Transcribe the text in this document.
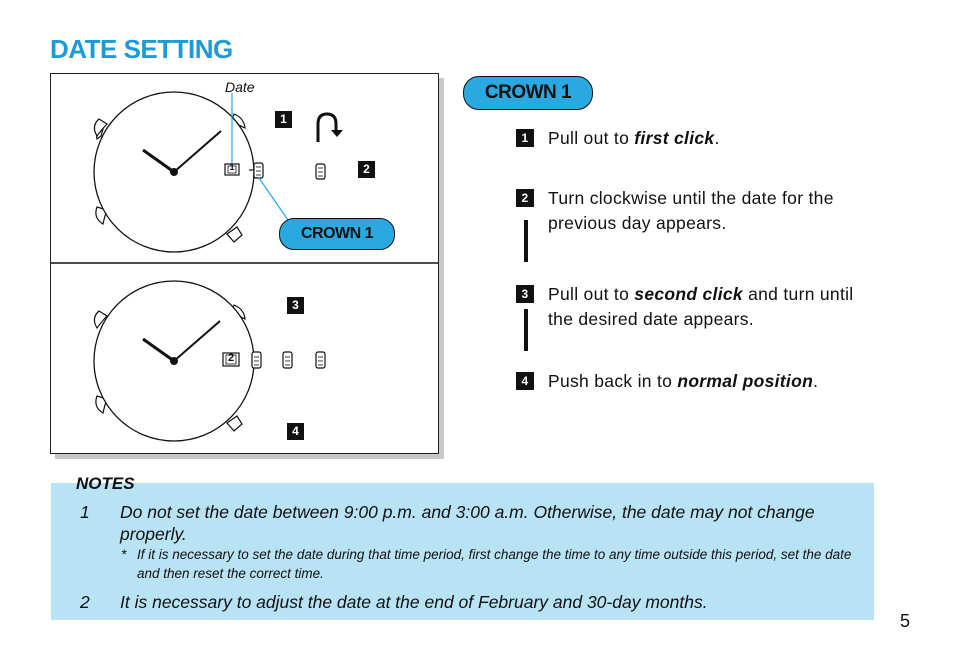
DATE SETTING
1
2
Date
CROWN 1
1
2
3
4
CROWN 1
1 Pull out to first click.
2 Turn clockwise until the date for the previous day appears.
3 Pull out to second click and turn until the desired date appears.
4 Push back in to normal position.
NOTES
1 Do not set the date between 9:00 p.m. and 3:00 a.m. Otherwise, the date may not change properly.
* If it is necessary to set the date during that time period, first change the time to any time outside this period, set the date and then reset the correct time.
2 It is necessary to adjust the date at the end of February and 30-day months.
5
